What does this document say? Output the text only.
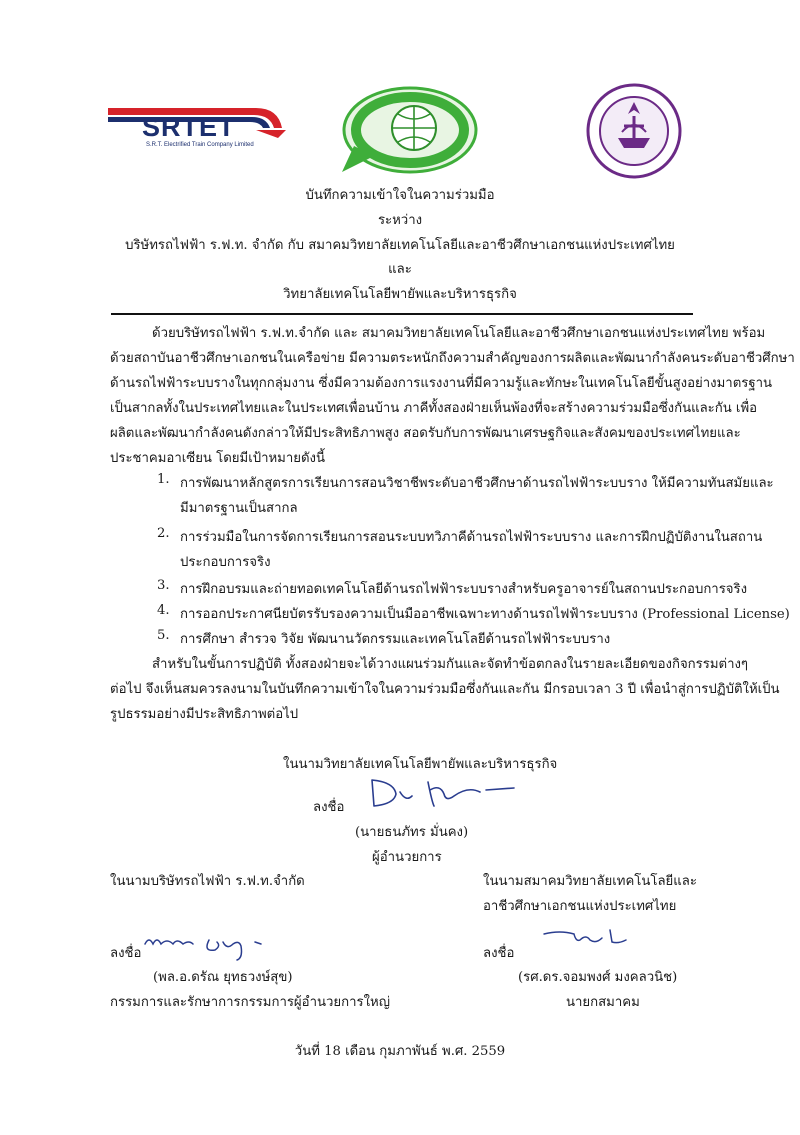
SRTET
S.R.T. Electrified Train Company Limited
บันทึกความเข้าใจในความร่วมมือ
ระหว่าง
บริษัทรถไฟฟ้า ร.ฟ.ท. จำกัด กับ สมาคมวิทยาลัยเทคโนโลยีและอาชีวศึกษาเอกชนแห่งประเทศไทย
และ
วิทยาลัยเทคโนโลยีพายัพและบริหารธุรกิจ
ด้วยบริษัทรถไฟฟ้า ร.ฟ.ท.จำกัด และ สมาคมวิทยาลัยเทคโนโลยีและอาชีวศึกษาเอกชนแห่งประเทศไทย พร้อม
ด้วยสถาบันอาชีวศึกษาเอกชนในเครือข่าย มีความตระหนักถึงความสำคัญของการผลิตและพัฒนากำลังคนระดับอาชีวศึกษา
ด้านรถไฟฟ้าระบบรางในทุกกลุ่มงาน ซึ่งมีความต้องการแรงงานที่มีความรู้และทักษะในเทคโนโลยีขั้นสูงอย่างมาตรฐาน
เป็นสากลทั้งในประเทศไทยและในประเทศเพื่อนบ้าน ภาคีทั้งสองฝ่ายเห็นพ้องที่จะสร้างความร่วมมือซึ่งกันและกัน เพื่อ
ผลิตและพัฒนากำลังคนดังกล่าวให้มีประสิทธิภาพสูง สอดรับกับการพัฒนาเศรษฐกิจและสังคมของประเทศไทยและ
ประชาคมอาเซียน โดยมีเป้าหมายดังนี้
1. การพัฒนาหลักสูตรการเรียนการสอนวิชาชีพระดับอาชีวศึกษาด้านรถไฟฟ้าระบบราง ให้มีความทันสมัยและ
มีมาตรฐานเป็นสากล
2. การร่วมมือในการจัดการเรียนการสอนระบบทวิภาคีด้านรถไฟฟ้าระบบราง และการฝึกปฏิบัติงานในสถาน
ประกอบการจริง
3. การฝึกอบรมและถ่ายทอดเทคโนโลยีด้านรถไฟฟ้าระบบรางสำหรับครูอาจารย์ในสถานประกอบการจริง
4. การออกประกาศนียบัตรรับรองความเป็นมืออาชีพเฉพาะทางด้านรถไฟฟ้าระบบราง (Professional License)
5. การศึกษา สำรวจ วิจัย พัฒนานวัตกรรมและเทคโนโลยีด้านรถไฟฟ้าระบบราง
สำหรับในขั้นการปฏิบัติ ทั้งสองฝ่ายจะได้วางแผนร่วมกันและจัดทำข้อตกลงในรายละเอียดของกิจกรรมต่างๆ
ต่อไป จึงเห็นสมควรลงนามในบันทึกความเข้าใจในความร่วมมือซึ่งกันและกัน มีกรอบเวลา 3 ปี เพื่อนำสู่การปฏิบัติให้เป็น
รูปธรรมอย่างมีประสิทธิภาพต่อไป
ในนามวิทยาลัยเทคโนโลยีพายัพและบริหารธุรกิจ
ลงชื่อ
(นายธนภัทร มั่นคง)
ผู้อำนวยการ
ในนามบริษัทรถไฟฟ้า ร.ฟ.ท.จำกัด
ลงชื่อ
(พล.อ.ดรัณ ยุทธวงษ์สุข)
กรรมการและรักษาการกรรมการผู้อำนวยการใหญ่
ในนามสมาคมวิทยาลัยเทคโนโลยีและ
อาชีวศึกษาเอกชนแห่งประเทศไทย
ลงชื่อ
(รศ.ดร.จอมพงศ์ มงคลวนิช)
นายกสมาคม
วันที่ 18 เดือน กุมภาพันธ์ พ.ศ. 2559
